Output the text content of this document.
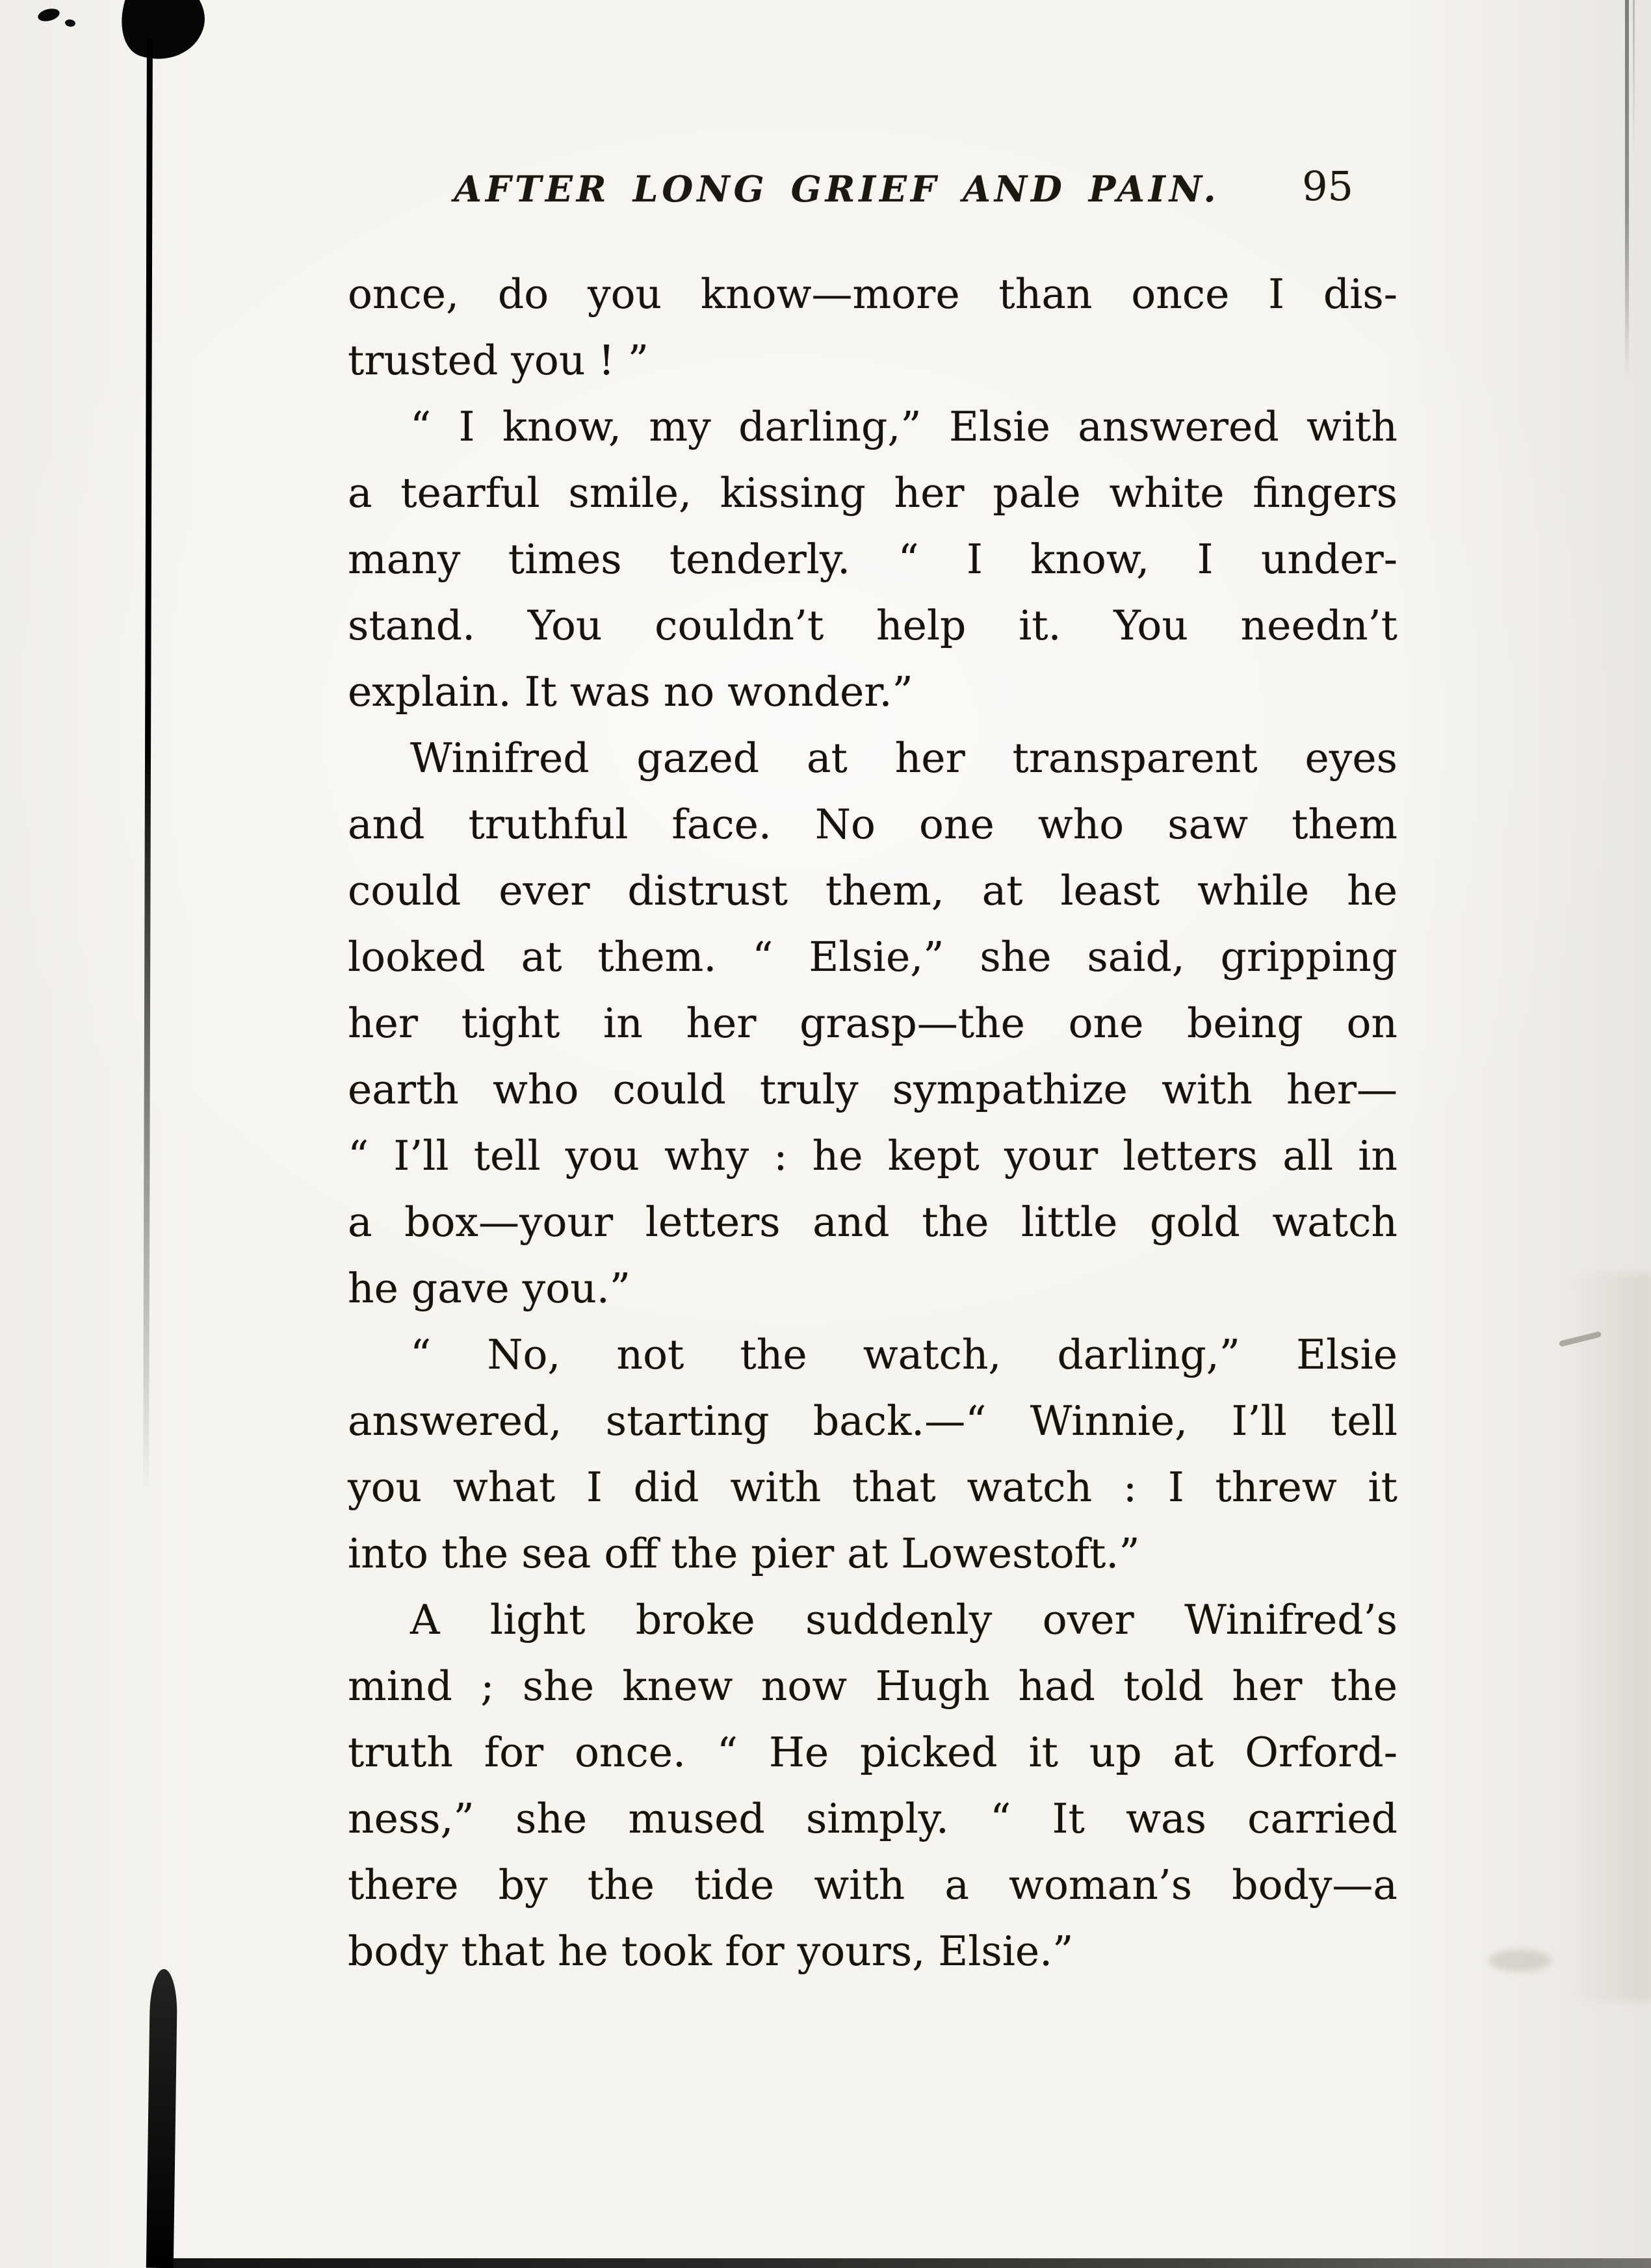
AFTER LONG GRIEF AND PAIN.	95

once, do you know—more than once I dis-
trusted you ! ”

“ I know, my darling,” Elsie answered with
a tearful smile, kissing her pale white fingers
many times tenderly. “ I know, I under-
stand. You couldn’t help it. You needn’t
explain. It was no wonder.”

Winifred gazed at her transparent eyes
and truthful face. No one who saw them
could ever distrust them, at least while he
looked at them. “ Elsie,” she said, gripping
her tight in her grasp—the one being on
earth who could truly sympathize with her—
“ I’ll tell you why : he kept your letters all in
a box—your letters and the little gold watch
he gave you.”

“ No, not the watch, darling,” Elsie
answered, starting back.—“ Winnie, I’ll tell
you what I did with that watch : I threw it
into the sea off the pier at Lowestoft.”

A light broke suddenly over Winifred’s
mind ; she knew now Hugh had told her the
truth for once. “ He picked it up at Orford-
ness,” she mused simply. “ It was carried
there by the tide with a woman’s body—a
body that he took for yours, Elsie.”
